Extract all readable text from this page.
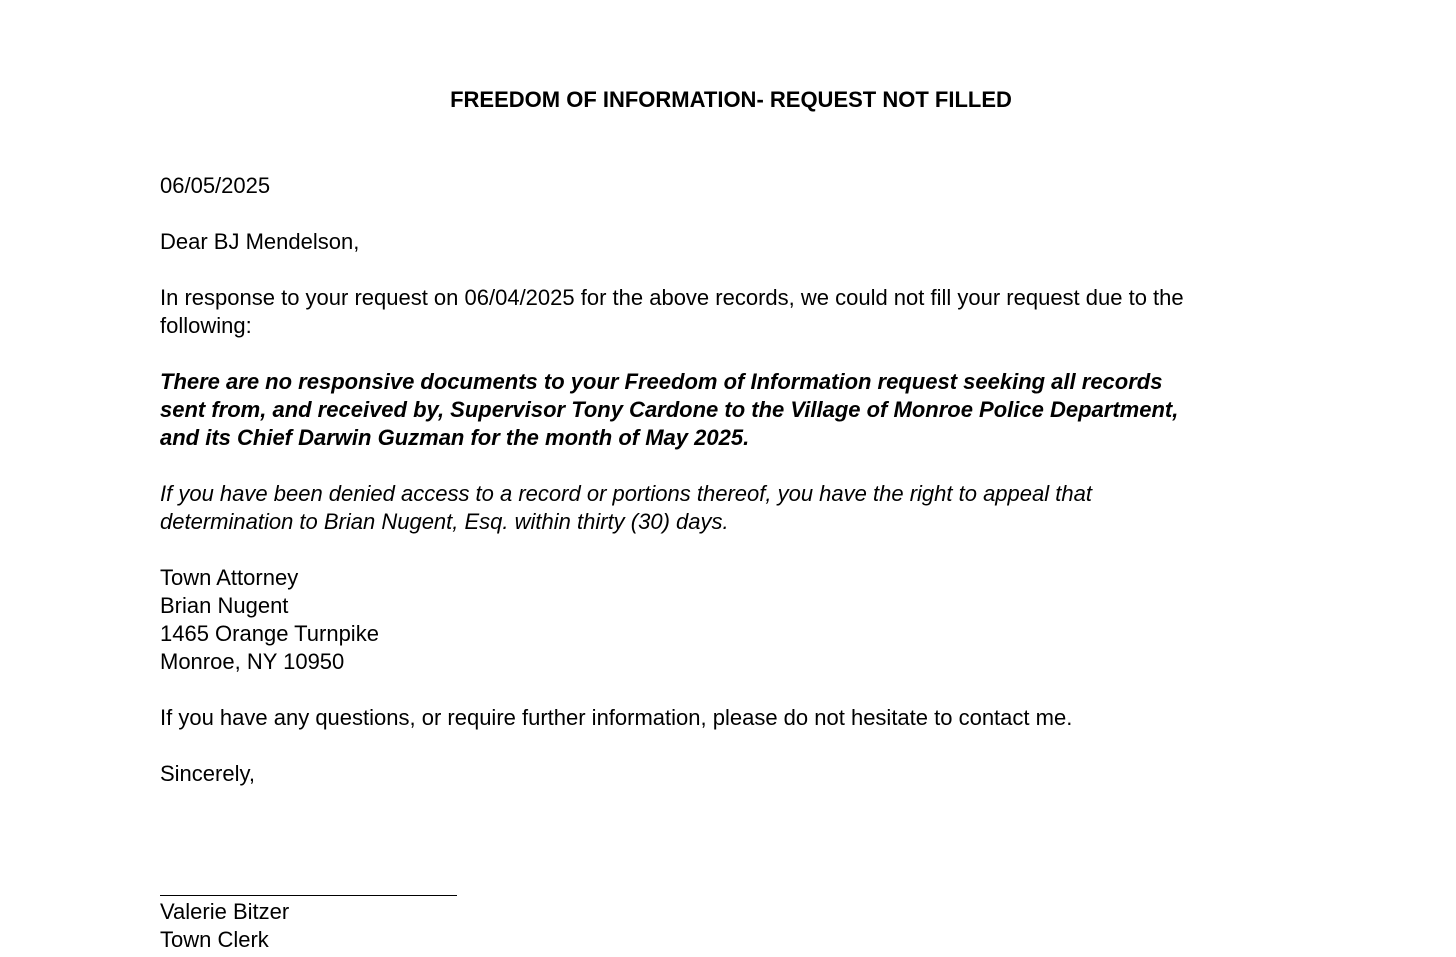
FREEDOM OF INFORMATION- REQUEST NOT FILLED
06/05/2025
Dear BJ Mendelson,
In response to your request on 06/04/2025 for the above records, we could not fill your request due to the
following:
There are no responsive documents to your Freedom of Information request seeking all records
sent from, and received by, Supervisor Tony Cardone to the Village of Monroe Police Department,
and its Chief Darwin Guzman for the month of May 2025.
If you have been denied access to a record or portions thereof, you have the right to appeal that
determination to Brian Nugent, Esq. within thirty (30) days.
Town Attorney
Brian Nugent
1465 Orange Turnpike
Monroe, NY 10950
If you have any questions, or require further information, please do not hesitate to contact me.
Sincerely,
Valerie Bitzer
Town Clerk
